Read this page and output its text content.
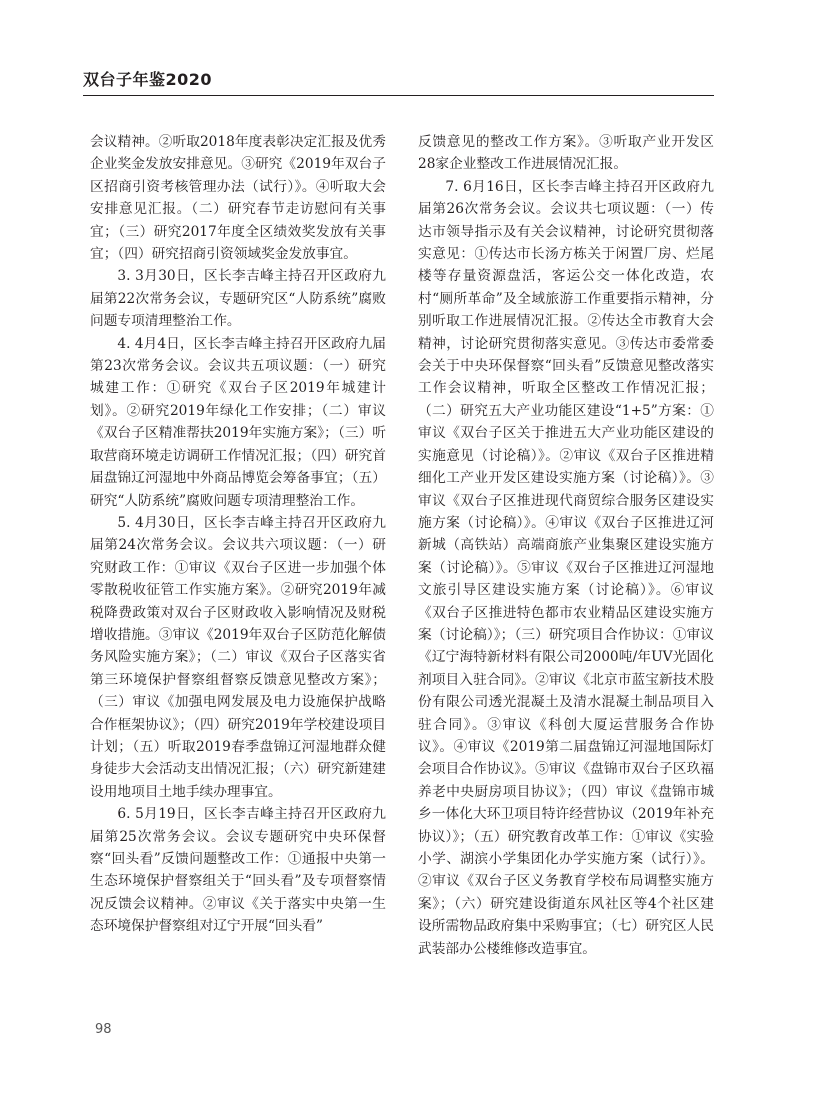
双台子年鉴2020

会议精神。②听取2018年度表彰决定汇报及优秀企业奖金发放安排意见。③研究《2019年双台子区招商引资考核管理办法（试行）》。④听取大会安排意见汇报。（二）研究春节走访慰问有关事宜；（三）研究2017年度全区绩效奖发放有关事宜；（四）研究招商引资领域奖金发放事宜。

3. 3月30日，区长李吉峰主持召开区政府九届第22次常务会议，专题研究区“人防系统”腐败问题专项清理整治工作。

4. 4月4日，区长李吉峰主持召开区政府九届第23次常务会议。会议共五项议题：（一）研究城建工作：①研究《双台子区2019年城建计划》。②研究2019年绿化工作安排；（二）审议《双台子区精准帮扶2019年实施方案》；（三）听取营商环境走访调研工作情况汇报；（四）研究首届盘锦辽河湿地中外商品博览会筹备事宜；（五）研究“人防系统”腐败问题专项清理整治工作。

5. 4月30日，区长李吉峰主持召开区政府九届第24次常务会议。会议共六项议题：（一）研究财政工作：①审议《双台子区进一步加强个体零散税收征管工作实施方案》。②研究2019年减税降费政策对双台子区财政收入影响情况及财税增收措施。③审议《2019年双台子区防范化解债务风险实施方案》；（二）审议《双台子区落实省第三环境保护督察组督察反馈意见整改方案》；（三）审议《加强电网发展及电力设施保护战略合作框架协议》；（四）研究2019年学校建设项目计划；（五）听取2019春季盘锦辽河湿地群众健身徒步大会活动支出情况汇报；（六）研究新建建设用地项目土地手续办理事宜。

6. 5月19日，区长李吉峰主持召开区政府九届第25次常务会议。会议专题研究中央环保督察“回头看”反馈问题整改工作：①通报中央第一生态环境保护督察组关于“回头看”及专项督察情况反馈会议精神。②审议《关于落实中央第一生态环境保护督察组对辽宁开展“回头看”

反馈意见的整改工作方案》。③听取产业开发区28家企业整改工作进展情况汇报。

7. 6月16日，区长李吉峰主持召开区政府九届第26次常务会议。会议共七项议题：（一）传达市领导指示及有关会议精神，讨论研究贯彻落实意见：①传达市长汤方栋关于闲置厂房、烂尾楼等存量资源盘活，客运公交一体化改造，农村“厕所革命”及全域旅游工作重要指示精神，分别听取工作进展情况汇报。②传达全市教育大会精神，讨论研究贯彻落实意见。③传达市委常委会关于中央环保督察“回头看”反馈意见整改落实工作会议精神，听取全区整改工作情况汇报；（二）研究五大产业功能区建设“1+5”方案：①审议《双台子区关于推进五大产业功能区建设的实施意见（讨论稿）》。②审议《双台子区推进精细化工产业开发区建设实施方案（讨论稿）》。③审议《双台子区推进现代商贸综合服务区建设实施方案（讨论稿）》。④审议《双台子区推进辽河新城（高铁站）高端商旅产业集聚区建设实施方案（讨论稿）》。⑤审议《双台子区推进辽河湿地文旅引导区建设实施方案（讨论稿）》。⑥审议《双台子区推进特色都市农业精品区建设实施方案（讨论稿）》；（三）研究项目合作协议：①审议《辽宁海特新材料有限公司2000吨/年UV光固化剂项目入驻合同》。②审议《北京市蓝宝新技术股份有限公司透光混凝土及清水混凝土制品项目入驻合同》。③审议《科创大厦运营服务合作协议》。④审议《2019第二届盘锦辽河湿地国际灯会项目合作协议》。⑤审议《盘锦市双台子区玖福养老中央厨房项目协议》；（四）审议《盘锦市城乡一体化大环卫项目特许经营协议（2019年补充协议）》；（五）研究教育改革工作：①审议《实验小学、湖滨小学集团化办学实施方案（试行）》。②审议《双台子区义务教育学校布局调整实施方案》；（六）研究建设街道东风社区等4个社区建设所需物品政府集中采购事宜；（七）研究区人民武装部办公楼维修改造事宜。

98
